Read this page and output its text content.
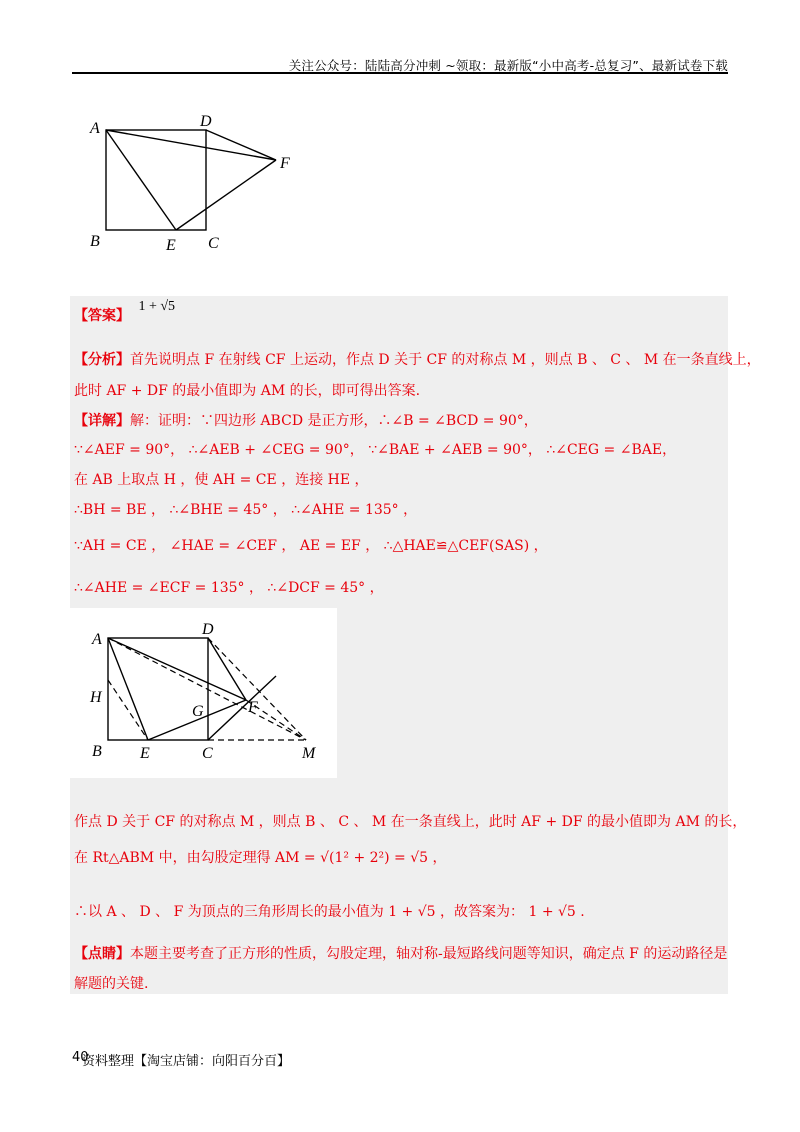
关注公众号：陆陆高分冲刺 ~领取：最新版“小中高考-总复习”、最新试卷下载
A	D
F
B	E C
【答案】 1 + √5
【分析】首先说明点 F 在射线 CF 上运动，作点 D 关于 CF 的对称点 M ，则点 B 、 C 、 M 在一条直线上，
此时 AF + DF 的最小值即为 AM 的长，即可得出答案.
【详解】解：证明：∵四边形 ABCD 是正方形，∴∠B = ∠BCD = 90°，
∵∠AEF = 90°， ∴∠AEB + ∠CEG = 90°， ∵∠BAE + ∠AEB = 90°， ∴∠CEG = ∠BAE，
在 AB 上取点 H ，使 AH = CE ，连接 HE ，
∴BH = BE ， ∴∠BHE = 45° ， ∴∠AHE = 135° ，
∵AH = CE ， ∠HAE = ∠CEF ， AE = EF ， ∴△HAE≌△CEF(SAS) ，
∴∠AHE = ∠ECF = 135° ， ∴∠DCF = 45° ，
A
D
H
G	F
B E	C	M
作点 D 关于 CF 的对称点 M ，则点 B 、 C 、 M 在一条直线上，此时 AF + DF 的最小值即为 AM 的长，
在 Rt△ABM 中，由勾股定理得 AM = √(1² + 2²) = √5 ，
∴以 A 、 D 、 F 为顶点的三角形周长的最小值为 1 + √5 ，故答案为： 1 + √5 .
【点睛】本题主要考查了正方形的性质，勾股定理，轴对称-最短路线问题等知识，确定点 F 的运动路径是
解题的关键.
40
资料整理【淘宝店铺：向阳百分百】
